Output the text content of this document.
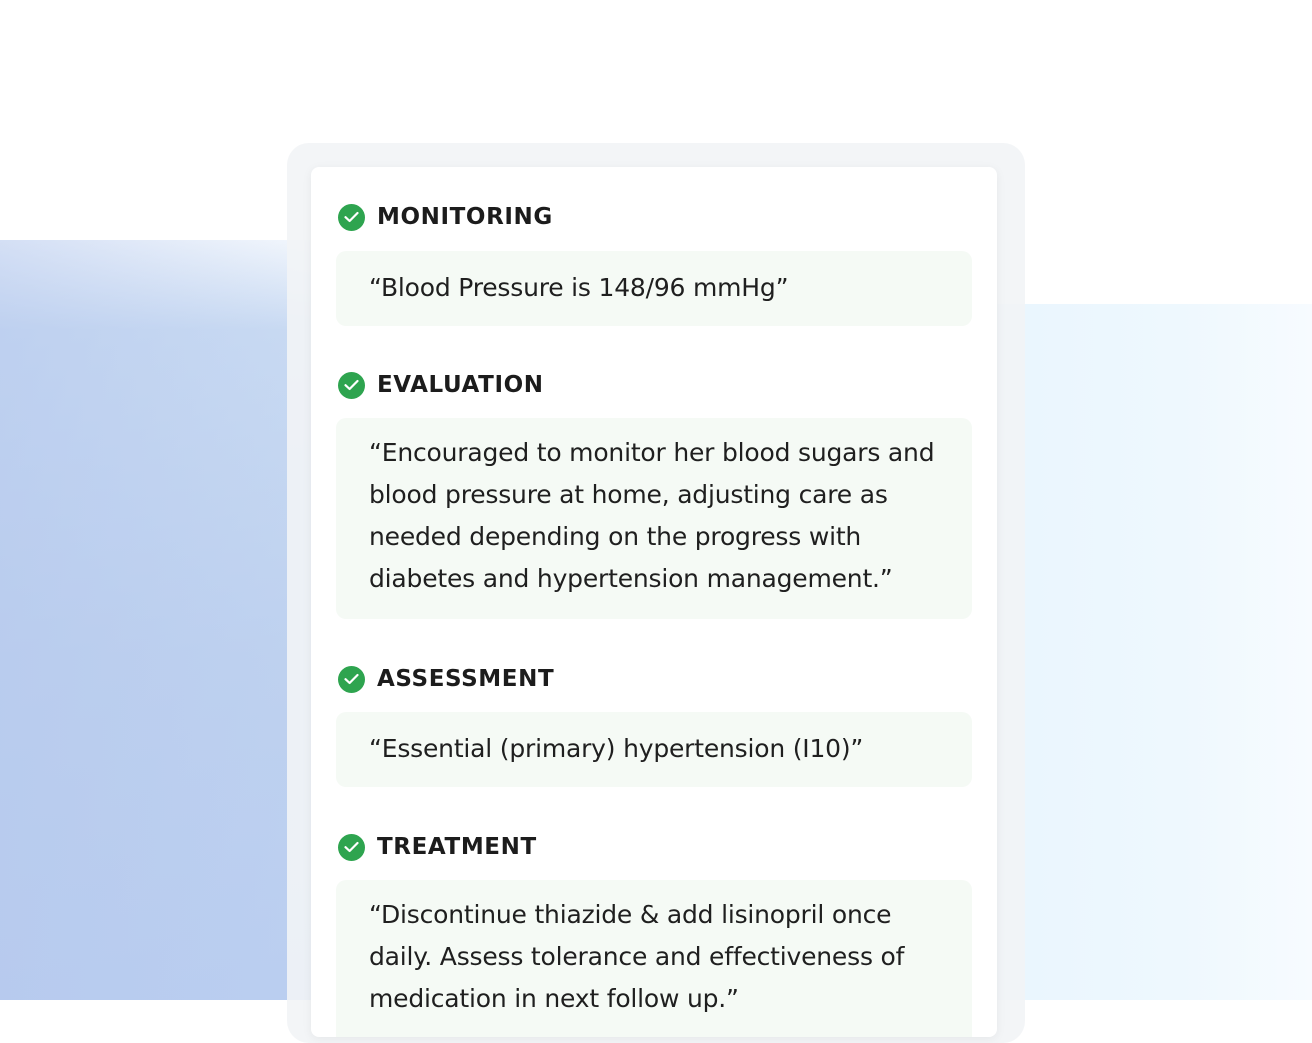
MONITORING
“Blood Pressure is 148/96 mmHg”
EVALUATION
“Encouraged to monitor her blood sugars and blood pressure at home, adjusting care as needed depending on the progress with diabetes and hypertension management.”
ASSESSMENT
“Essential (primary) hypertension (I10)”
TREATMENT
“Discontinue thiazide & add lisinopril once daily. Assess tolerance and effectiveness of medication in next follow up.”
